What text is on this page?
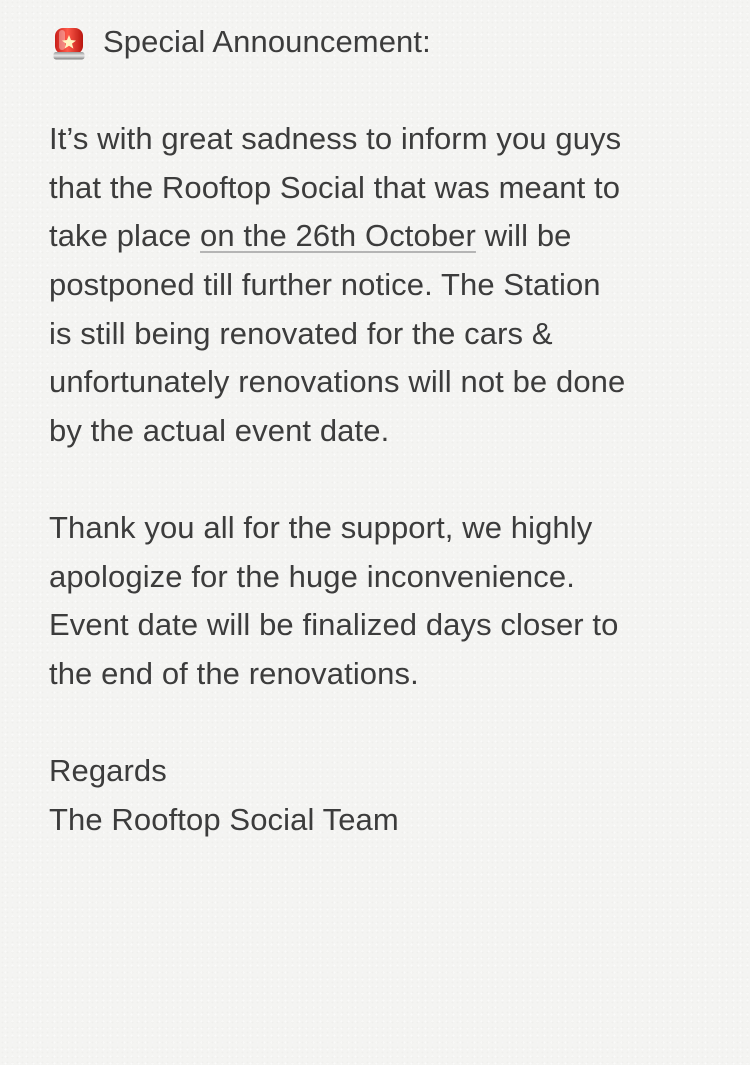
Special Announcement:
It’s with great sadness to inform you guys
that the Rooftop Social that was meant to
take place on the 26th October will be
postponed till further notice. The Station
is still being renovated for the cars &
unfortunately renovations will not be done
by the actual event date.
Thank you all for the support, we highly
apologize for the huge inconvenience.
Event date will be finalized days closer to
the end of the renovations.
Regards
The Rooftop Social Team
